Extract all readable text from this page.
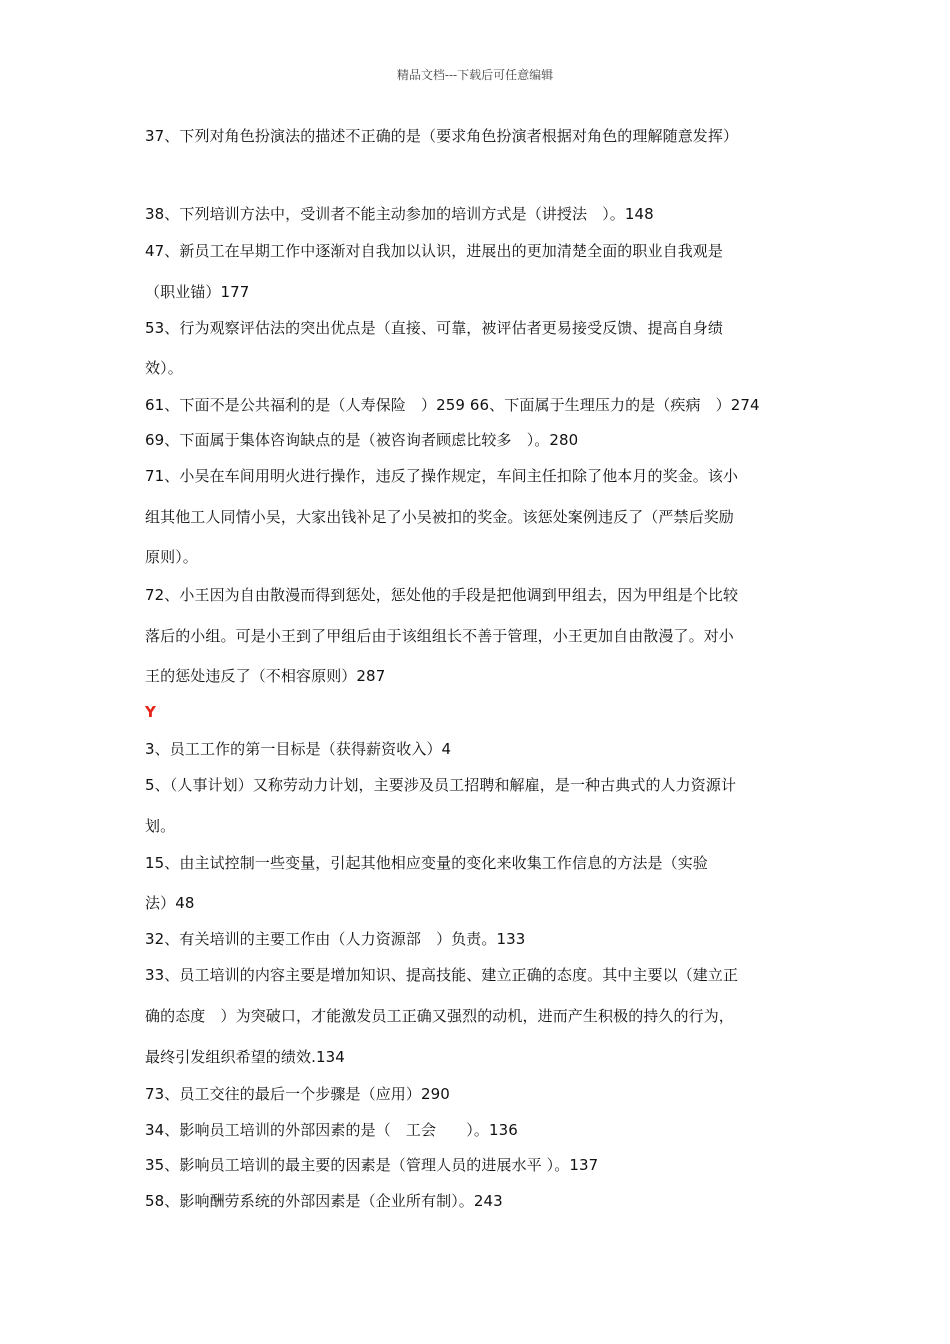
精品文档---下载后可任意编辑
37、下列对角色扮演法的描述不正确的是（要求角色扮演者根据对角色的理解随意发挥）
38、下列培训方法中，受训者不能主动参加的培训方式是（讲授法　）。148
47、新员工在早期工作中逐渐对自我加以认识，进展出的更加清楚全面的职业自我观是
（职业锚）177
53、行为观察评估法的突出优点是（直接、可靠，被评估者更易接受反馈、提高自身绩
效）。
61、下面不是公共福利的是（人寿保险　）259 66、下面属于生理压力的是（疾病　）274
69、下面属于集体咨询缺点的是（被咨询者顾虑比较多　）。280
71、小吴在车间用明火进行操作，违反了操作规定，车间主任扣除了他本月的奖金。该小
组其他工人同情小吴，大家出钱补足了小吴被扣的奖金。该惩处案例违反了（严禁后奖励
原则）。
72、小王因为自由散漫而得到惩处，惩处他的手段是把他调到甲组去，因为甲组是个比较
落后的小组。可是小王到了甲组后由于该组组长不善于管理，小王更加自由散漫了。对小
王的惩处违反了（不相容原则）287
Y
3、员工工作的第一目标是（获得薪资收入）4
5、（人事计划）又称劳动力计划，主要涉及员工招聘和解雇，是一种古典式的人力资源计
划。
15、由主试控制一些变量，引起其他相应变量的变化来收集工作信息的方法是（实验
法）48
32、有关培训的主要工作由（人力资源部　）负责。133
33、员工培训的内容主要是增加知识、提高技能、建立正确的态度。其中主要以（建立正
确的态度　）为突破口，才能激发员工正确又强烈的动机，进而产生积极的持久的行为，
最终引发组织希望的绩效.134
73、员工交往的最后一个步骤是（应用）290
34、影响员工培训的外部因素的是（　工会　　）。136
35、影响员工培训的最主要的因素是（管理人员的进展水平 ）。137
58、影响酬劳系统的外部因素是（企业所有制）。243
